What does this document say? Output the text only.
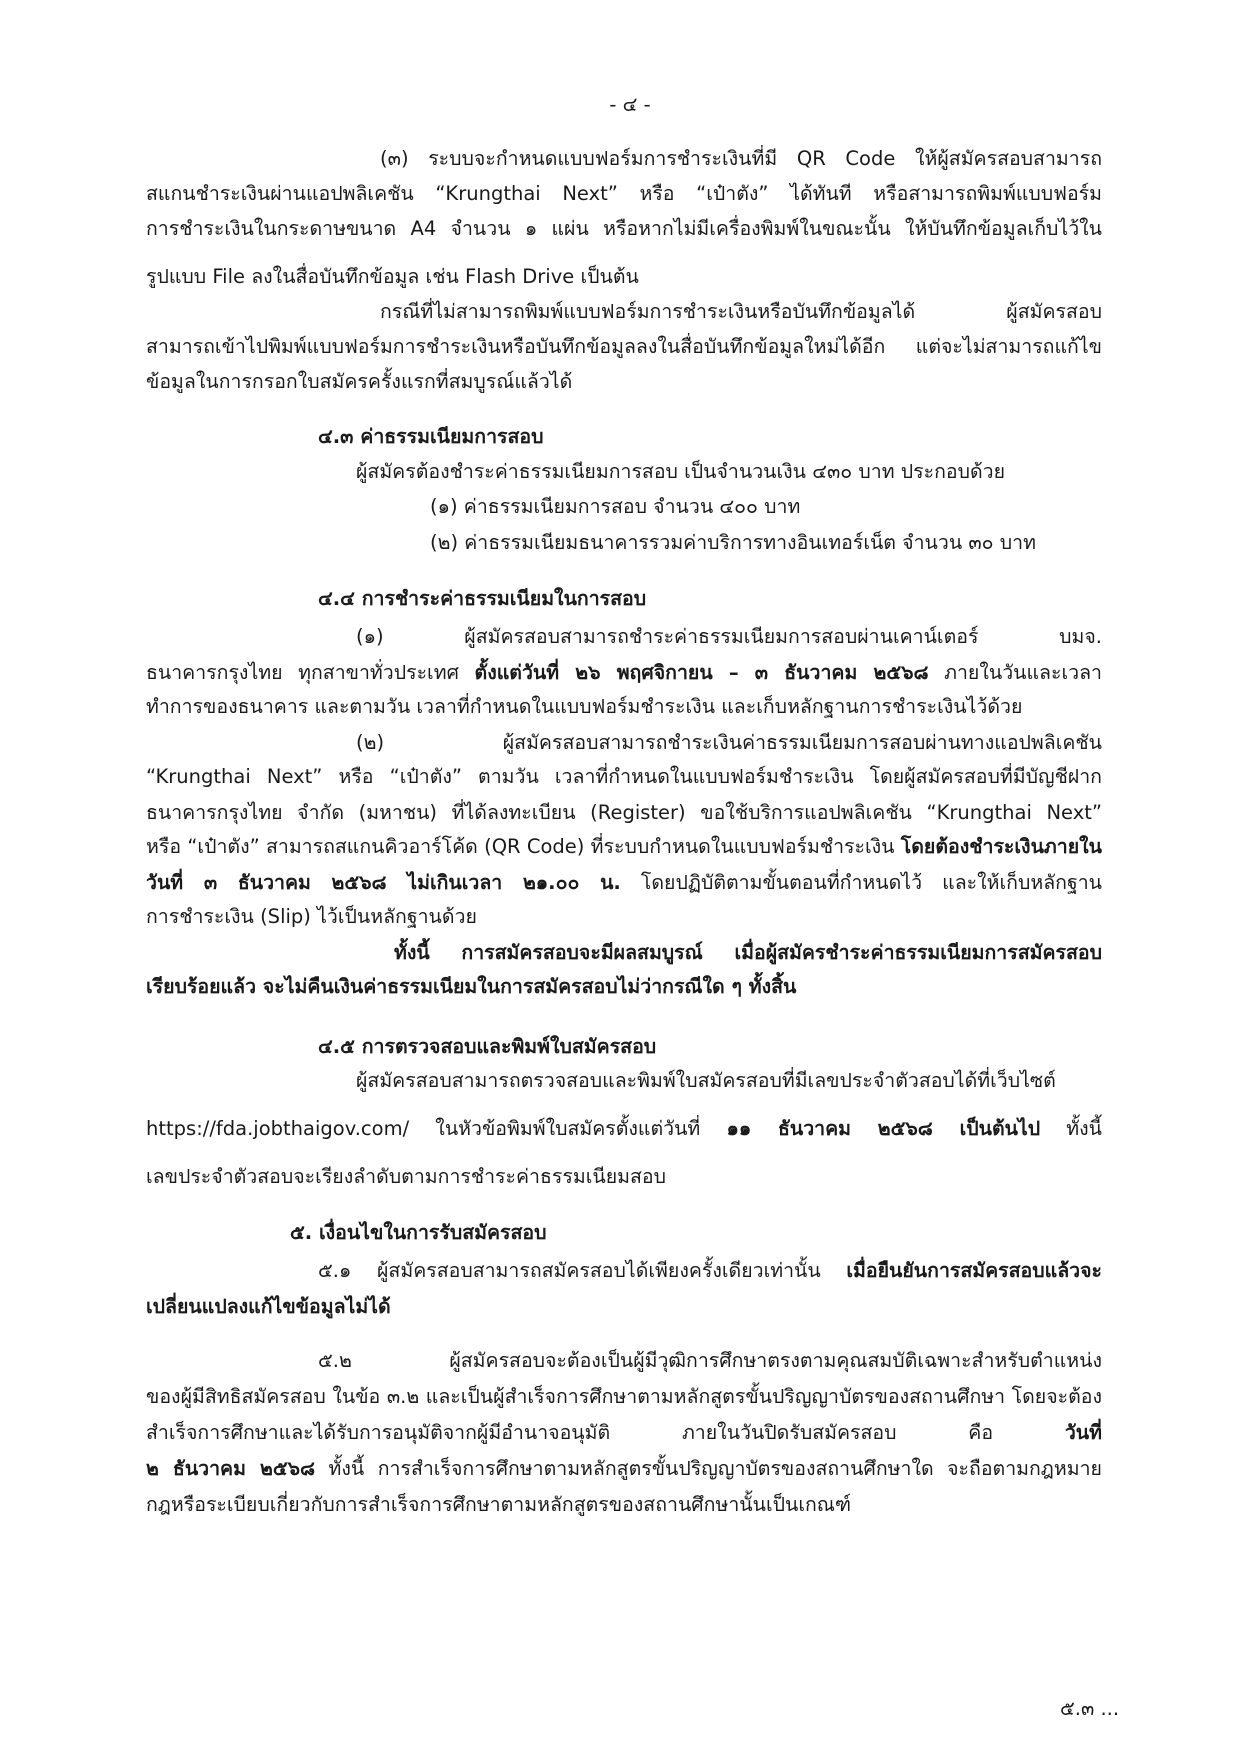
- ๔ -
(๓) ระบบจะกำหนดแบบฟอร์มการชำระเงินที่มี QR Code ให้ผู้สมัครสอบสามารถ
สแกนชำระเงินผ่านแอปพลิเคชัน “Krungthai Next” หรือ “เป๋าตัง” ได้ทันที หรือสามารถพิมพ์แบบฟอร์ม
การชำระเงินในกระดาษขนาด A4 จำนวน ๑ แผ่น หรือหากไม่มีเครื่องพิมพ์ในขณะนั้น ให้บันทึกข้อมูลเก็บไว้ใน
รูปแบบ File ลงในสื่อบันทึกข้อมูล เช่น Flash Drive เป็นต้น
กรณีที่ไม่สามารถพิมพ์แบบฟอร์มการชำระเงินหรือบันทึกข้อมูลได้ ผู้สมัครสอบ
สามารถเข้าไปพิมพ์แบบฟอร์มการชำระเงินหรือบันทึกข้อมูลลงในสื่อบันทึกข้อมูลใหม่ได้อีก แต่จะไม่สามารถแก้ไข
ข้อมูลในการกรอกใบสมัครครั้งแรกที่สมบูรณ์แล้วได้
๔.๓ ค่าธรรมเนียมการสอบ
ผู้สมัครต้องชำระค่าธรรมเนียมการสอบ เป็นจำนวนเงิน ๔๓๐ บาท ประกอบด้วย
(๑) ค่าธรรมเนียมการสอบ จำนวน ๔๐๐ บาท
(๒) ค่าธรรมเนียมธนาคารรวมค่าบริการทางอินเทอร์เน็ต จำนวน ๓๐ บาท
๔.๔ การชำระค่าธรรมเนียมในการสอบ
(๑) ผู้สมัครสอบสามารถชำระค่าธรรมเนียมการสอบผ่านเคาน์เตอร์ บมจ.
ธนาคารกรุงไทย ทุกสาขาทั่วประเทศ ตั้งแต่วันที่ ๒๖ พฤศจิกายน – ๓ ธันวาคม ๒๕๖๘ ภายในวันและเวลา
ทำการของธนาคาร และตามวัน เวลาที่กำหนดในแบบฟอร์มชำระเงิน และเก็บหลักฐานการชำระเงินไว้ด้วย
(๒) ผู้สมัครสอบสามารถชำระเงินค่าธรรมเนียมการสอบผ่านทางแอปพลิเคชัน
“Krungthai Next” หรือ “เป๋าตัง” ตามวัน เวลาที่กำหนดในแบบฟอร์มชำระเงิน โดยผู้สมัครสอบที่มีบัญชีฝาก
ธนาคารกรุงไทย จำกัด (มหาชน) ที่ได้ลงทะเบียน (Register) ขอใช้บริการแอปพลิเคชัน “Krungthai Next”
หรือ “เป๋าตัง” สามารถสแกนคิวอาร์โค้ด (QR Code) ที่ระบบกำหนดในแบบฟอร์มชำระเงิน โดยต้องชำระเงินภายใน
วันที่ ๓ ธันวาคม ๒๕๖๘ ไม่เกินเวลา ๒๑.๐๐ น. โดยปฏิบัติตามขั้นตอนที่กำหนดไว้ และให้เก็บหลักฐาน
การชำระเงิน (Slip) ไว้เป็นหลักฐานด้วย
ทั้งนี้ การสมัครสอบจะมีผลสมบูรณ์ เมื่อผู้สมัครชำระค่าธรรมเนียมการสมัครสอบ
เรียบร้อยแล้ว จะไม่คืนเงินค่าธรรมเนียมในการสมัครสอบไม่ว่ากรณีใด ๆ ทั้งสิ้น
๔.๕ การตรวจสอบและพิมพ์ใบสมัครสอบ
ผู้สมัครสอบสามารถตรวจสอบและพิมพ์ใบสมัครสอบที่มีเลขประจำตัวสอบได้ที่เว็บไซต์
https://fda.jobthaigov.com/ ในหัวข้อพิมพ์ใบสมัครตั้งแต่วันที่ ๑๑ ธันวาคม ๒๕๖๘ เป็นต้นไป ทั้งนี้
เลขประจำตัวสอบจะเรียงลำดับตามการชำระค่าธรรมเนียมสอบ
๕. เงื่อนไขในการรับสมัครสอบ
๕.๑ ผู้สมัครสอบสามารถสมัครสอบได้เพียงครั้งเดียวเท่านั้น เมื่อยืนยันการสมัครสอบแล้วจะ
เปลี่ยนแปลงแก้ไขข้อมูลไม่ได้
๕.๒ ผู้สมัครสอบจะต้องเป็นผู้มีวุฒิการศึกษาตรงตามคุณสมบัติเฉพาะสำหรับตำแหน่ง
ของผู้มีสิทธิสมัครสอบ ในข้อ ๓.๒ และเป็นผู้สำเร็จการศึกษาตามหลักสูตรขั้นปริญญาบัตรของสถานศึกษา โดยจะต้อง
สำเร็จการศึกษาและได้รับการอนุมัติจากผู้มีอำนาจอนุมัติ ภายในวันปิดรับสมัครสอบ คือ วันที่
๒ ธันวาคม ๒๕๖๘ ทั้งนี้ การสำเร็จการศึกษาตามหลักสูตรขั้นปริญญาบัตรของสถานศึกษาใด จะถือตามกฎหมาย
กฎหรือระเบียบเกี่ยวกับการสำเร็จการศึกษาตามหลักสูตรของสถานศึกษานั้นเป็นเกณฑ์
๕.๓ ...
